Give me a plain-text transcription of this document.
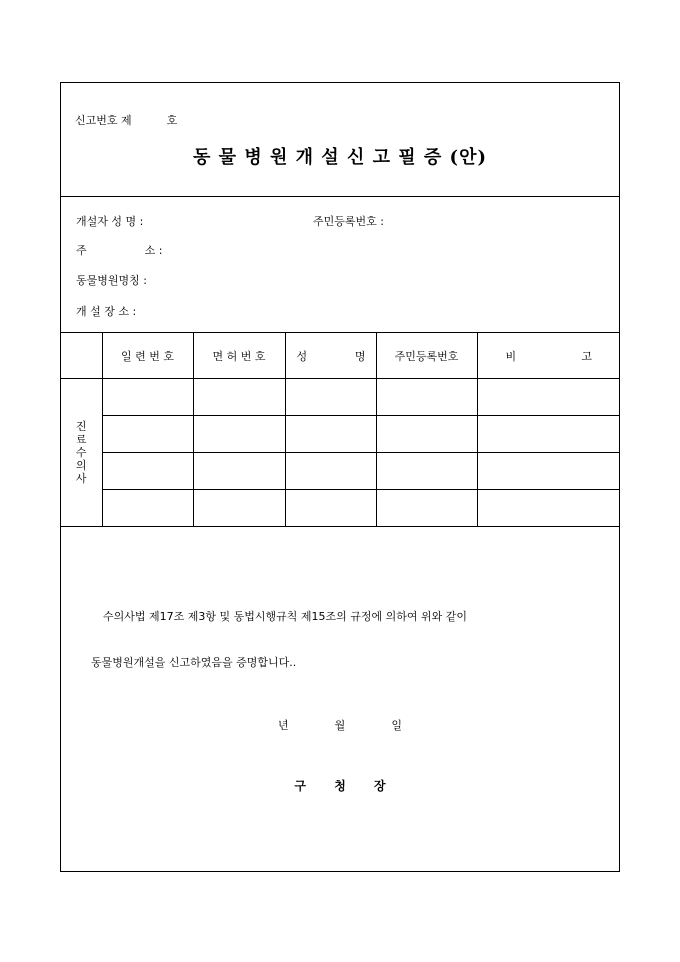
신고번호 제	호
동 물 병 원 개 설 신 고 필 증 (안)
개설자 성 명 :	주민등록번호 :
주	소 :
동물병원명칭 :
개 설 장 소 :
	일 련 번 호	면 허 번 호	성 명	주민등록번호	비 고

진
료
수
의
사					

수의사법 제17조 제3항 및 동법시행규칙 제15조의 규정에 의하여 위와 같이
동물병원개설을 신고하였음을 증명합니다..
년	월	일
구 청 장
